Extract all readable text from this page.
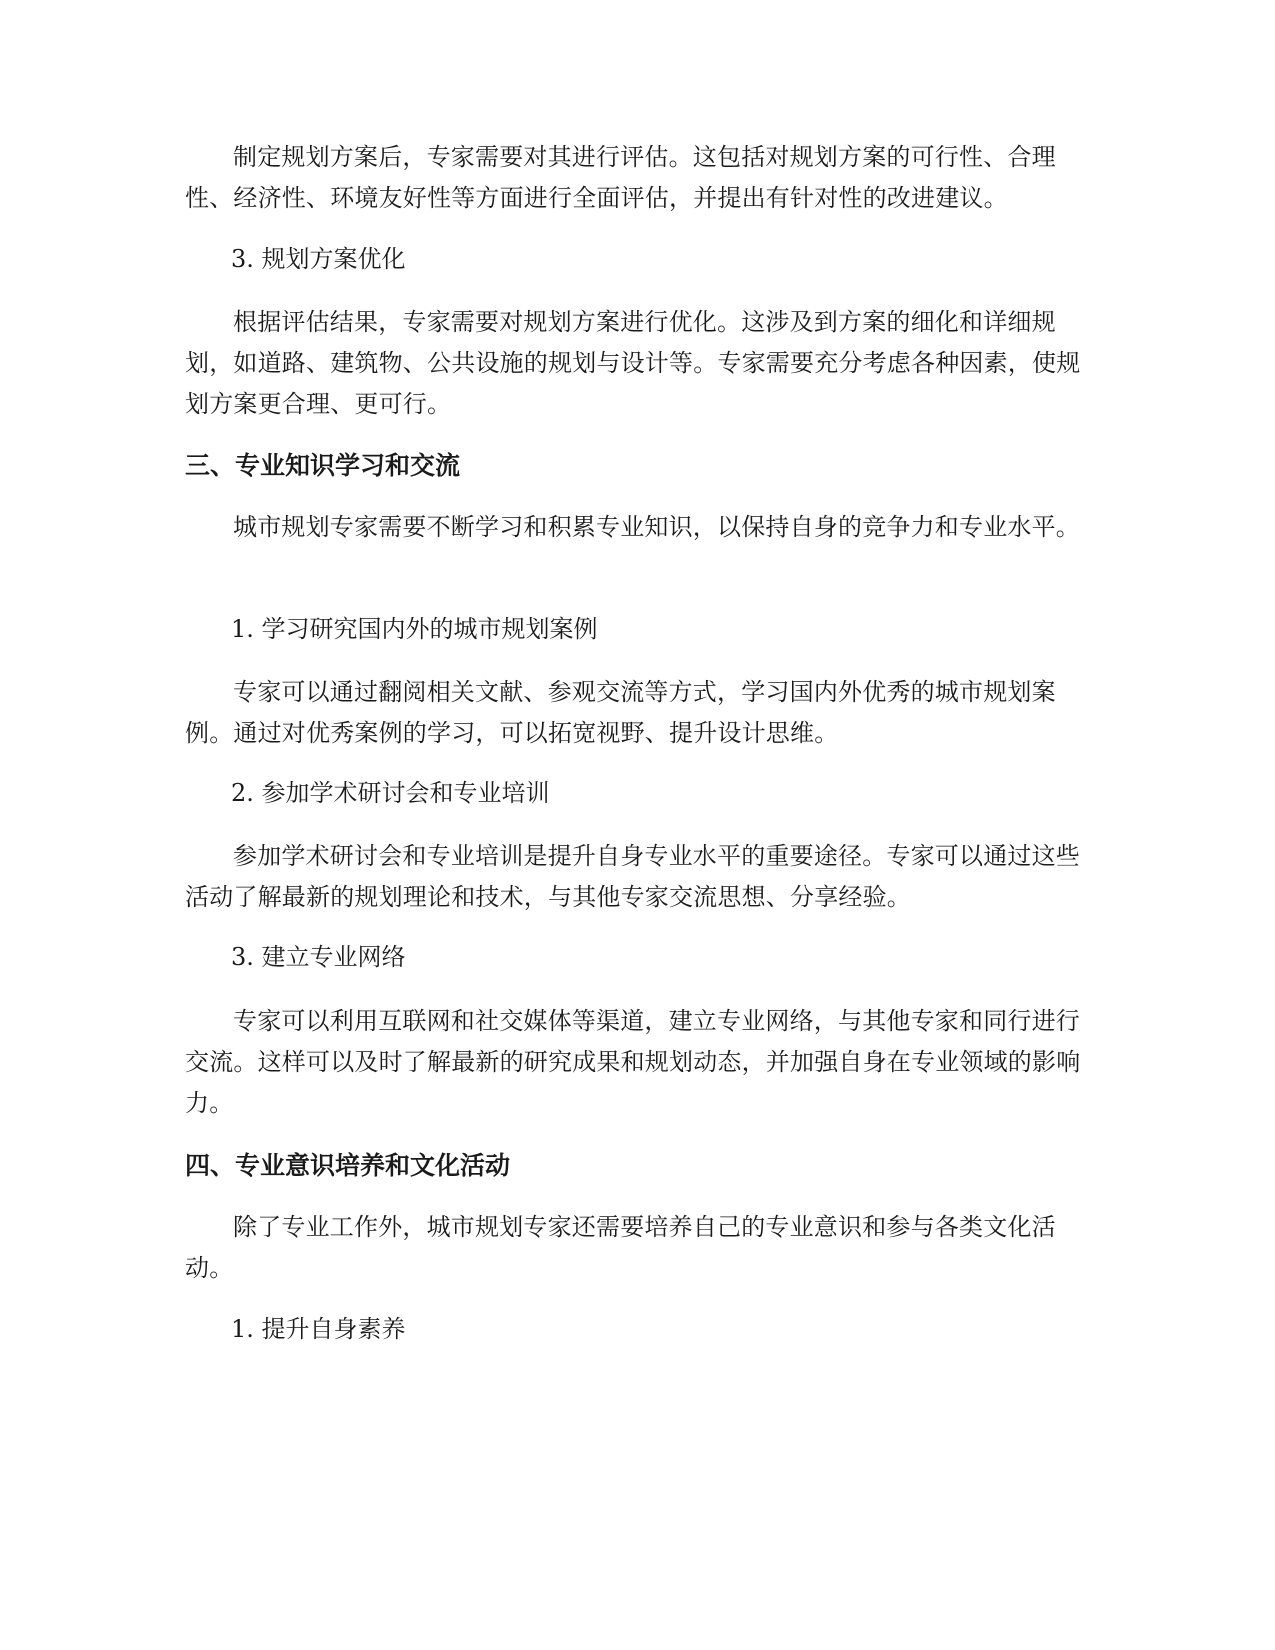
制定规划方案后，专家需要对其进行评估。这包括对规划方案的可行性、合理性、经济性、环境友好性等方面进行全面评估，并提出有针对性的改进建议。

3. 规划方案优化

根据评估结果，专家需要对规划方案进行优化。这涉及到方案的细化和详细规划，如道路、建筑物、公共设施的规划与设计等。专家需要充分考虑各种因素，使规划方案更合理、更可行。

三、专业知识学习和交流

城市规划专家需要不断学习和积累专业知识，以保持自身的竞争力和专业水平。

1. 学习研究国内外的城市规划案例

专家可以通过翻阅相关文献、参观交流等方式，学习国内外优秀的城市规划案例。通过对优秀案例的学习，可以拓宽视野、提升设计思维。

2. 参加学术研讨会和专业培训

参加学术研讨会和专业培训是提升自身专业水平的重要途径。专家可以通过这些活动了解最新的规划理论和技术，与其他专家交流思想、分享经验。

3. 建立专业网络

专家可以利用互联网和社交媒体等渠道，建立专业网络，与其他专家和同行进行交流。这样可以及时了解最新的研究成果和规划动态，并加强自身在专业领域的影响力。

四、专业意识培养和文化活动

除了专业工作外，城市规划专家还需要培养自己的专业意识和参与各类文化活动。

1. 提升自身素养
